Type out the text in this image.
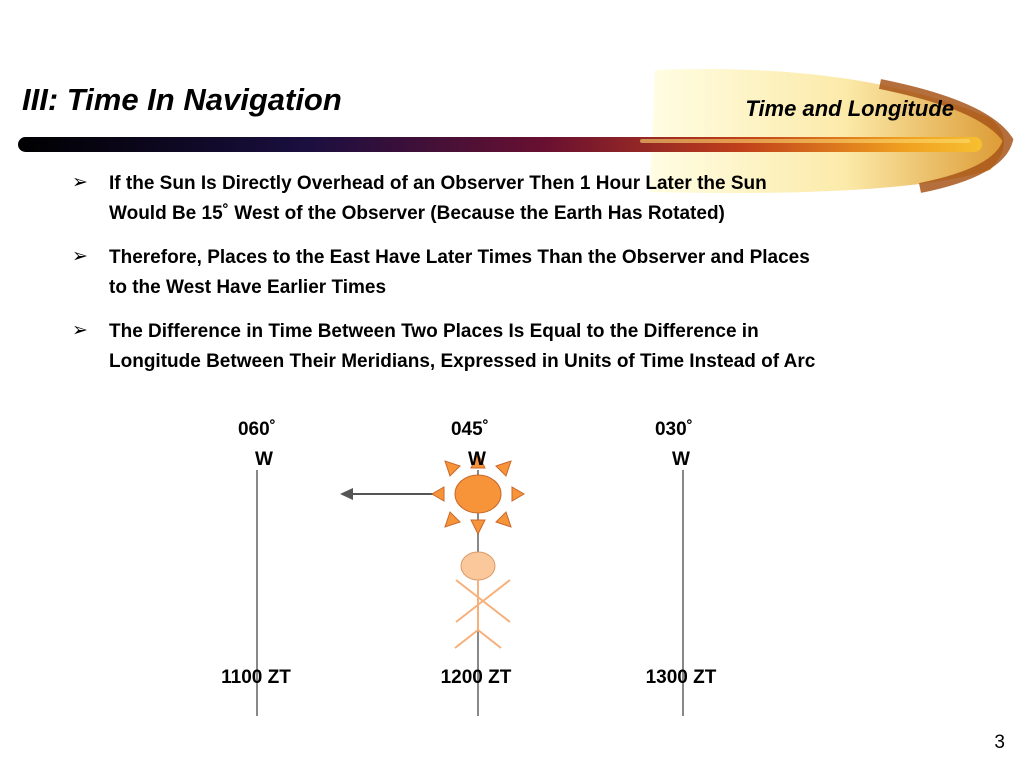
III: Time In Navigation	Time and Longitude
➢ If the Sun Is Directly Overhead of an Observer Then 1 Hour Later the Sun
Would Be 15˚ West of the Observer (Because the Earth Has Rotated)
➢ Therefore, Places to the East Have Later Times Than the Observer and Places
to the West Have Earlier Times
➢ The Difference in Time Between Two Places Is Equal to the Difference in
Longitude Between Their Meridians, Expressed in Units of Time Instead of Arc
060˚
W
045˚
W
030˚
W
1100 ZT	1200 ZT	1300 ZT
3
